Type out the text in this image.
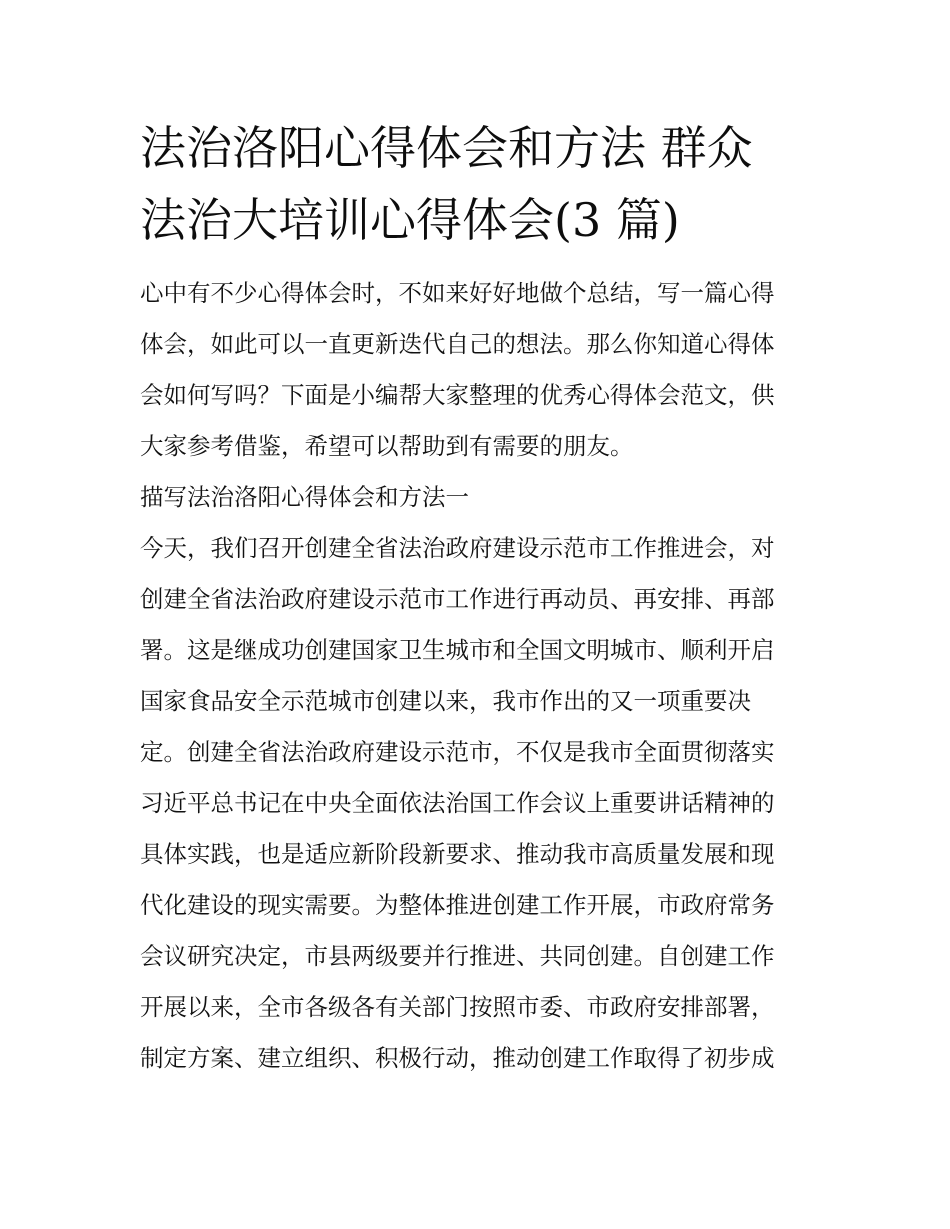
法治洛阳心得体会和方法 群众
法治大培训心得体会(3 篇)

心中有不少心得体会时，不如来好好地做个总结，写一篇心得
体会，如此可以一直更新迭代自己的想法。那么你知道心得体
会如何写吗？下面是小编帮大家整理的优秀心得体会范文，供
大家参考借鉴，希望可以帮助到有需要的朋友。

描写法治洛阳心得体会和方法一

今天，我们召开创建全省法治政府建设示范市工作推进会，对
创建全省法治政府建设示范市工作进行再动员、再安排、再部
署。这是继成功创建国家卫生城市和全国文明城市、顺利开启
国家食品安全示范城市创建以来，我市作出的又一项重要决
定。创建全省法治政府建设示范市，不仅是我市全面贯彻落实
习近平总书记在中央全面依法治国工作会议上重要讲话精神的
具体实践，也是适应新阶段新要求、推动我市高质量发展和现
代化建设的现实需要。为整体推进创建工作开展，市政府常务
会议研究决定，市县两级要并行推进、共同创建。自创建工作
开展以来，全市各级各有关部门按照市委、市政府安排部署，
制定方案、建立组织、积极行动，推动创建工作取得了初步成
